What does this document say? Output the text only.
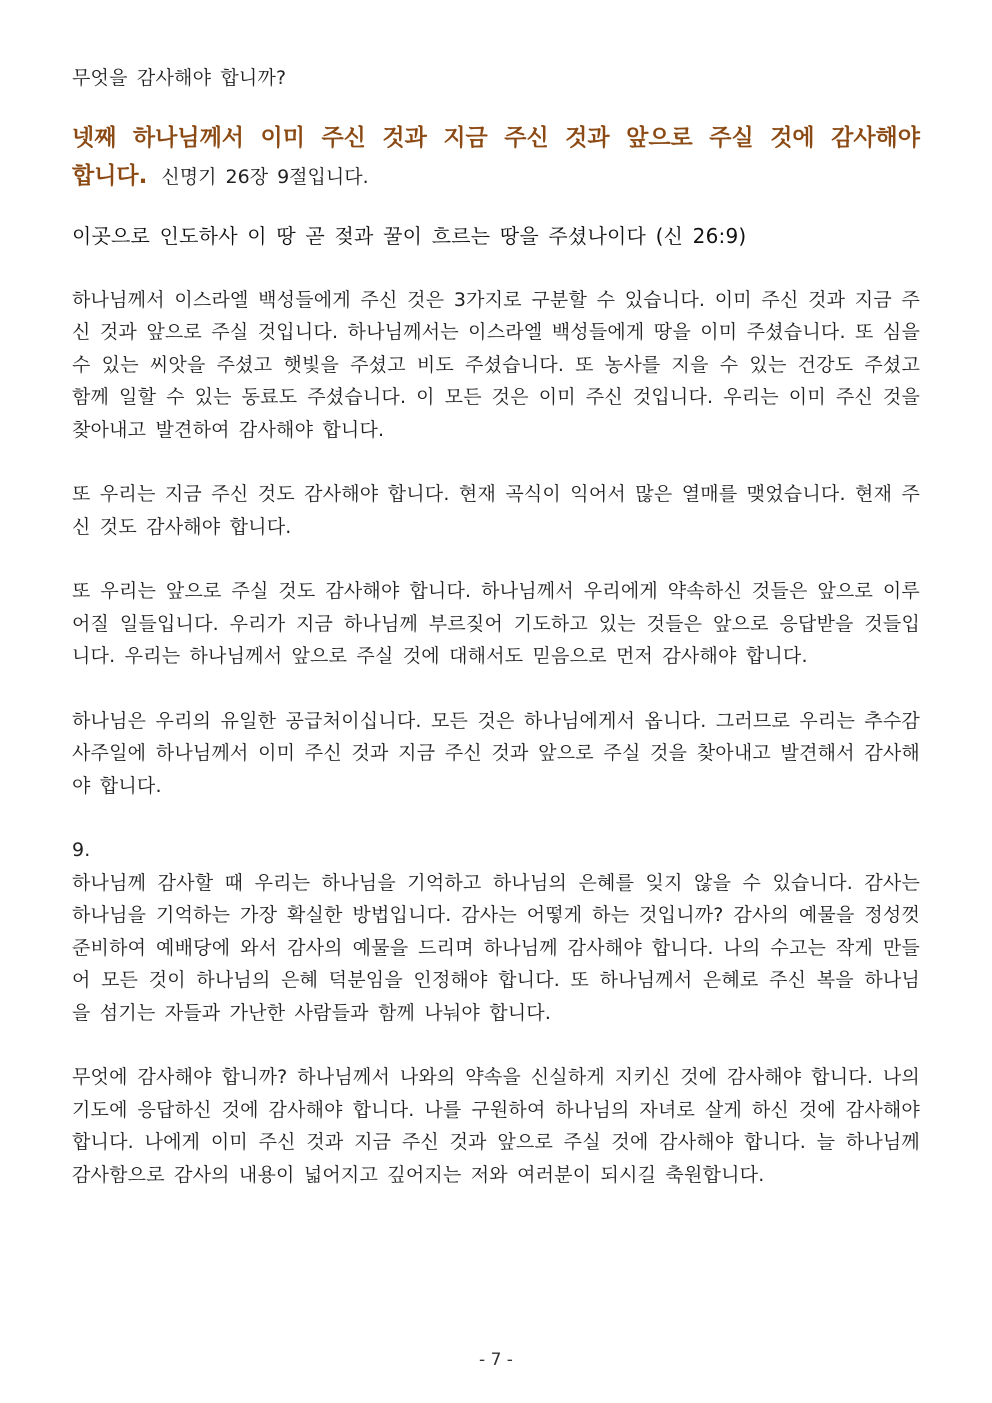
무엇을 감사해야 합니까?

넷째 하나님께서 이미 주신 것과 지금 주신 것과 앞으로 주실 것에 감사해야 합니다. 신명기 26장 9절입니다.

이곳으로 인도하사 이 땅 곧 젖과 꿀이 흐르는 땅을 주셨나이다 (신 26:9)

하나님께서 이스라엘 백성들에게 주신 것은 3가지로 구분할 수 있습니다. 이미 주신 것과 지금 주신 것과 앞으로 주실 것입니다. 하나님께서는 이스라엘 백성들에게 땅을 이미 주셨습니다. 또 심을 수 있는 씨앗을 주셨고 햇빛을 주셨고 비도 주셨습니다. 또 농사를 지을 수 있는 건강도 주셨고 함께 일할 수 있는 동료도 주셨습니다. 이 모든 것은 이미 주신 것입니다. 우리는 이미 주신 것을 찾아내고 발견하여 감사해야 합니다.

또 우리는 지금 주신 것도 감사해야 합니다. 현재 곡식이 익어서 많은 열매를 맺었습니다. 현재 주신 것도 감사해야 합니다.

또 우리는 앞으로 주실 것도 감사해야 합니다. 하나님께서 우리에게 약속하신 것들은 앞으로 이루어질 일들입니다. 우리가 지금 하나님께 부르짖어 기도하고 있는 것들은 앞으로 응답받을 것들입니다. 우리는 하나님께서 앞으로 주실 것에 대해서도 믿음으로 먼저 감사해야 합니다.

하나님은 우리의 유일한 공급처이십니다. 모든 것은 하나님에게서 옵니다. 그러므로 우리는 추수감사주일에 하나님께서 이미 주신 것과 지금 주신 것과 앞으로 주실 것을 찾아내고 발견해서 감사해야 합니다.

9.

하나님께 감사할 때 우리는 하나님을 기억하고 하나님의 은혜를 잊지 않을 수 있습니다. 감사는 하나님을 기억하는 가장 확실한 방법입니다. 감사는 어떻게 하는 것입니까? 감사의 예물을 정성껏 준비하여 예배당에 와서 감사의 예물을 드리며 하나님께 감사해야 합니다. 나의 수고는 작게 만들어 모든 것이 하나님의 은혜 덕분임을 인정해야 합니다. 또 하나님께서 은혜로 주신 복을 하나님을 섬기는 자들과 가난한 사람들과 함께 나눠야 합니다.

무엇에 감사해야 합니까? 하나님께서 나와의 약속을 신실하게 지키신 것에 감사해야 합니다. 나의 기도에 응답하신 것에 감사해야 합니다. 나를 구원하여 하나님의 자녀로 살게 하신 것에 감사해야 합니다. 나에게 이미 주신 것과 지금 주신 것과 앞으로 주실 것에 감사해야 합니다. 늘 하나님께 감사함으로 감사의 내용이 넓어지고 깊어지는 저와 여러분이 되시길 축원합니다.

- 7 -
